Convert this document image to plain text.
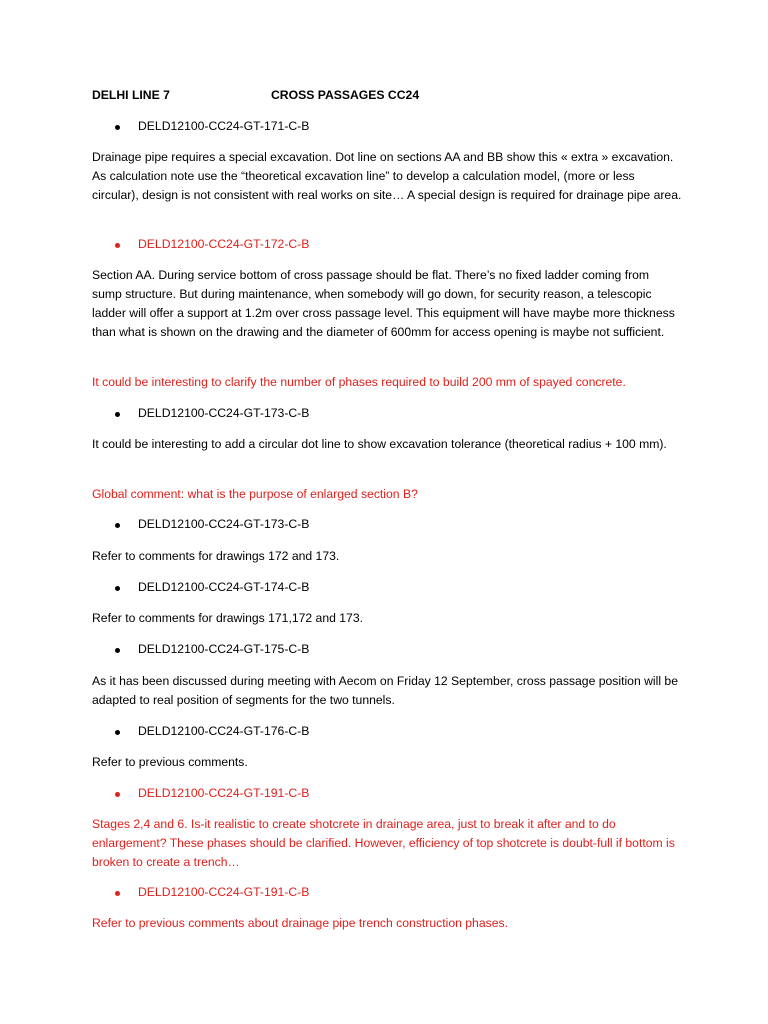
DELHI LINE 7	CROSS PASSAGES CC24
DELD12100-CC24-GT-171-C-B
Drainage pipe requires a special excavation. Dot line on sections AA and BB show this « extra » excavation. As calculation note use the “theoretical excavation line” to develop a calculation model, (more or less circular), design is not consistent with real works on site… A special design is required for drainage pipe area.
DELD12100-CC24-GT-172-C-B
Section AA. During service bottom of cross passage should be flat. There’s no fixed ladder coming from sump structure. But during maintenance, when somebody will go down, for security reason, a telescopic ladder will offer a support at 1.2m over cross passage level. This equipment will have maybe more thickness than what is shown on the drawing and the diameter of 600mm for access opening is maybe not sufficient.
It could be interesting to clarify the number of phases required to build 200 mm of spayed concrete.
DELD12100-CC24-GT-173-C-B
It could be interesting to add a circular dot line to show excavation tolerance (theoretical radius + 100 mm).
Global comment: what is the purpose of enlarged section B?
DELD12100-CC24-GT-173-C-B
Refer to comments for drawings 172 and 173.
DELD12100-CC24-GT-174-C-B
Refer to comments for drawings 171,172 and 173.
DELD12100-CC24-GT-175-C-B
As it has been discussed during meeting with Aecom on Friday 12 September, cross passage position will be adapted to real position of segments for the two tunnels.
DELD12100-CC24-GT-176-C-B
Refer to previous comments.
DELD12100-CC24-GT-191-C-B
Stages 2,4 and 6. Is-it realistic to create shotcrete in drainage area, just to break it after and to do enlargement? These phases should be clarified. However, efficiency of top shotcrete is doubt-full if bottom is broken to create a trench…
DELD12100-CC24-GT-191-C-B
Refer to previous comments about drainage pipe trench construction phases.
